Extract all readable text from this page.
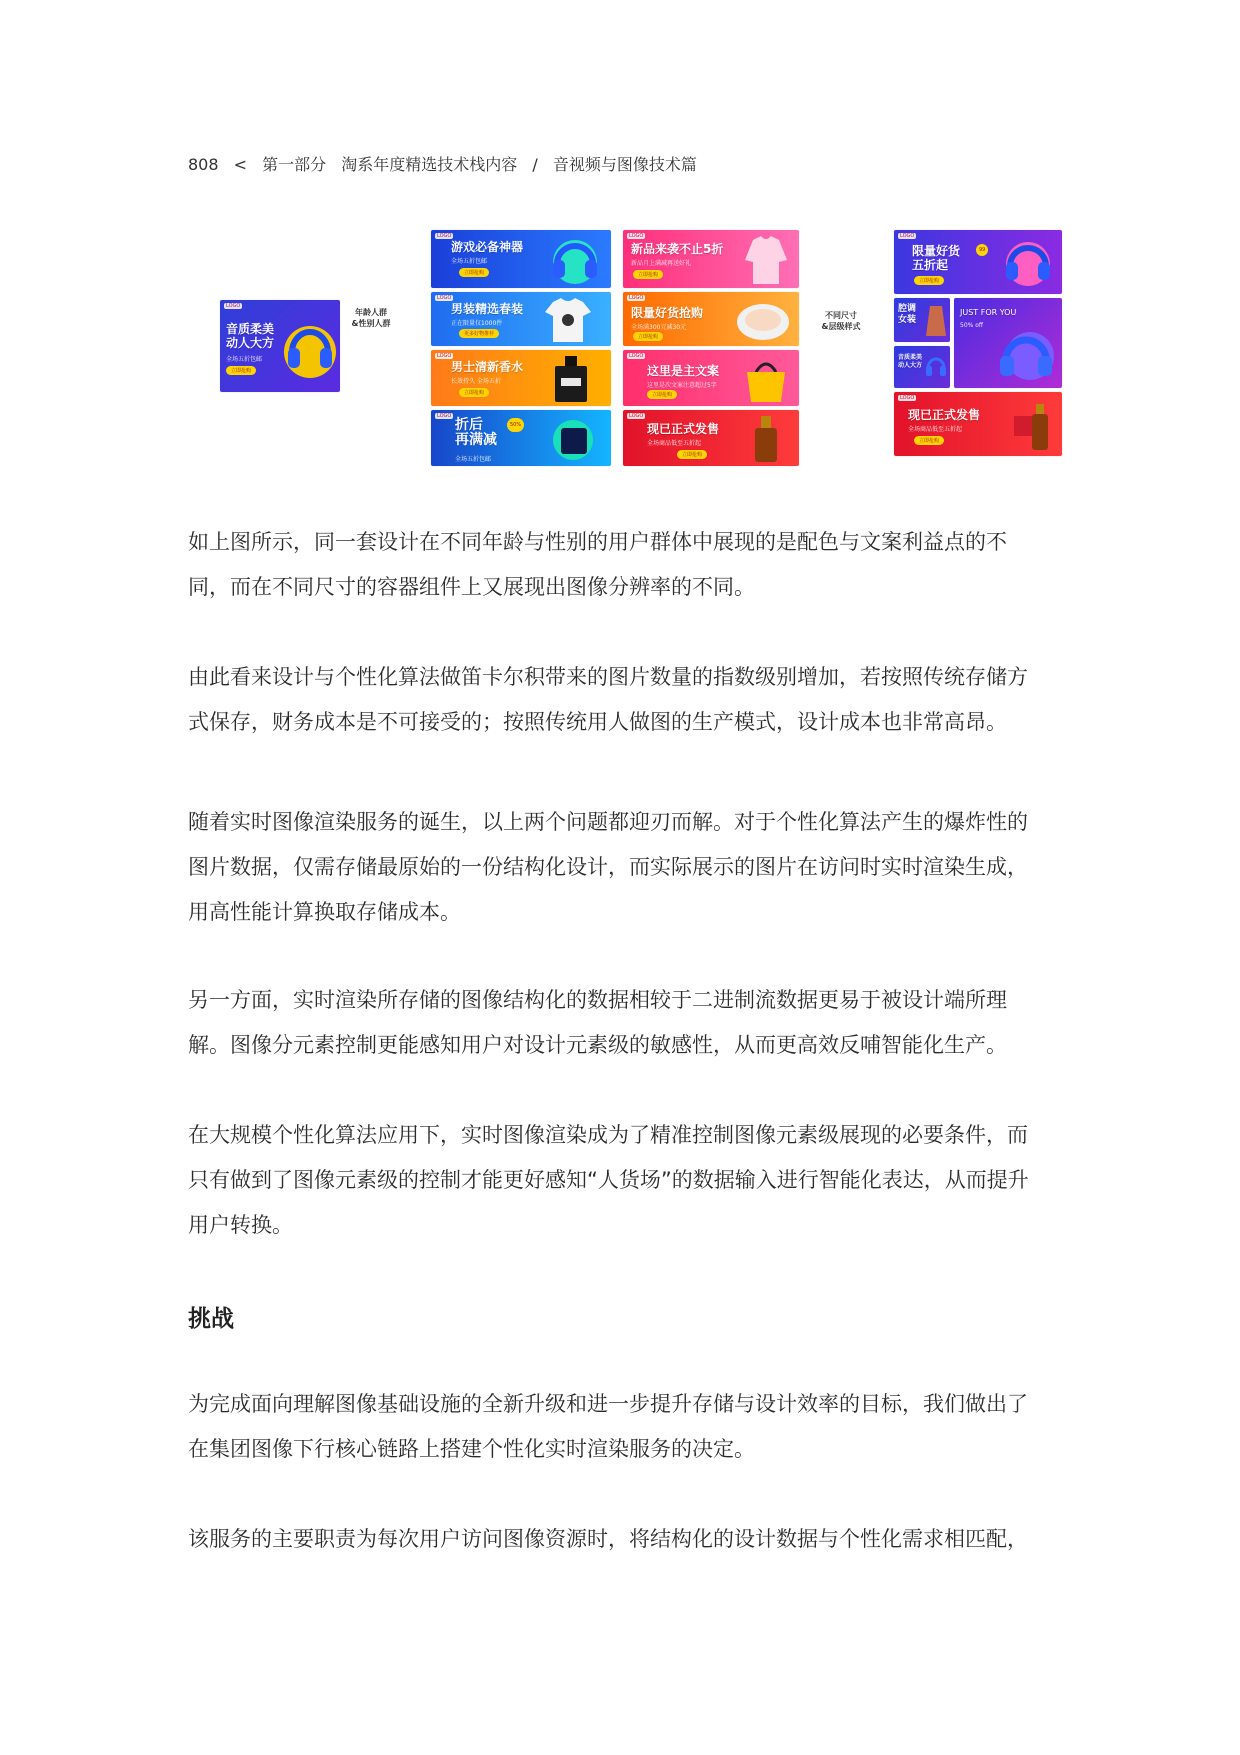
808 < 第一部分 淘系年度精选技术栈内容 / 音视频与图像技术篇
LOGO
音质柔美
动人大方
全场五折包邮
立即抢购
年龄人群
&性别人群
LOGO
游戏必备神器
全场五折包邮
立即抢购
LOGO
男装精选春装
正在限量仅1000件
更多好物推荐
LOGO
男士清新香水
长效持久 全场五折
立即抢购
LOGO
折后
再满减
全场五折包邮
50%
LOGO
新品来袭不止5折
新品月上满减再送好礼
立即抢购
LOGO
限量好货抢购
全场满300元减30元
立即抢购
LOGO
这里是主文案
这里是次文案注意超过5字
立即抢购
LOGO
现已正式发售
全场商品低至五折起
立即抢购
不同尺寸
&层级样式
LOGO
限量好货
五折起
立即抢购
99
腔调
女装
音质柔美
动人大方
JUST FOR YOU
50% off
LOGO
现已正式发售
全场商品低至五折起
立即抢购

如上图所示，同一套设计在不同年龄与性别的用户群体中展现的是配色与文案利益点的不
同，而在不同尺寸的容器组件上又展现出图像分辨率的不同。

由此看来设计与个性化算法做笛卡尔积带来的图片数量的指数级别增加，若按照传统存储方
式保存，财务成本是不可接受的；按照传统用人做图的生产模式，设计成本也非常高昂。

随着实时图像渲染服务的诞生，以上两个问题都迎刃而解。对于个性化算法产生的爆炸性的
图片数据，仅需存储最原始的一份结构化设计，而实际展示的图片在访问时实时渲染生成，
用高性能计算换取存储成本。

另一方面，实时渲染所存储的图像结构化的数据相较于二进制流数据更易于被设计端所理
解。图像分元素控制更能感知用户对设计元素级的敏感性，从而更高效反哺智能化生产。

在大规模个性化算法应用下，实时图像渲染成为了精准控制图像元素级展现的必要条件，而
只有做到了图像元素级的控制才能更好感知“人货场”的数据输入进行智能化表达，从而提升
用户转换。

挑战

为完成面向理解图像基础设施的全新升级和进一步提升存储与设计效率的目标，我们做出了
在集团图像下行核心链路上搭建个性化实时渲染服务的决定。

该服务的主要职责为每次用户访问图像资源时，将结构化的设计数据与个性化需求相匹配，
